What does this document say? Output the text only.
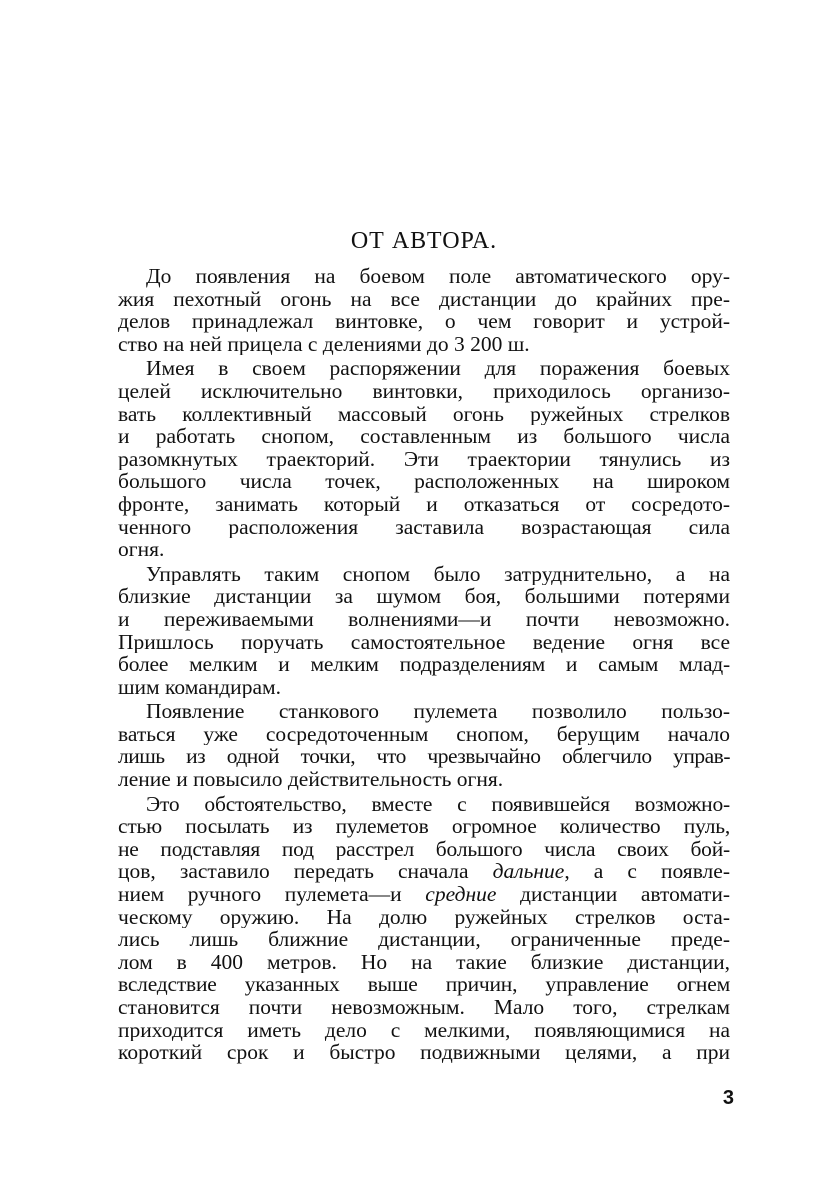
ОТ АВТОРА.

До появления на боевом поле автоматического ору-
жия пехотный огонь на все дистанции до крайних пре-
делов принадлежал винтовке, о чем говорит и устрой-
ство на ней прицела с делениями до 3 200 ш.

Имея в своем распоряжении для поражения боевых
целей исключительно винтовки, приходилось организо-
вать коллективный массовый огонь ружейных стрелков
и работать снопом, составленным из большого числа
разомкнутых траекторий. Эти траектории тянулись из
большого числа точек, расположенных на широком
фронте, занимать который и отказаться от сосредото-
ченного расположения заставила возрастающая сила
огня.

Управлять таким снопом было затруднительно, а на
близкие дистанции за шумом боя, большими потерями
и переживаемыми волнениями—и почти невозможно.
Пришлось поручать самостоятельное ведение огня все
более мелким и мелким подразделениям и самым млад-
шим командирам.

Появление станкового пулемета позволило пользо-
ваться уже сосредоточенным снопом, берущим начало
лишь из одной точки, что чрезвычайно облегчило управ-
ление и повысило действительность огня.

Это обстоятельство, вместе с появившейся возможно-
стью посылать из пулеметов огромное количество пуль,
не подставляя под расстрел большого числа своих бой-
цов, заставило передать сначала дальние, а с появле-
нием ручного пулемета—и средние дистанции автомати-
ческому оружию. На долю ружейных стрелков оста-
лись лишь ближние дистанции, ограниченные преде-
лом в 400 метров. Но на такие близкие дистанции,
вследствие указанных выше причин, управление огнем
становится почти невозможным. Мало того, стрелкам
приходится иметь дело с мелкими, появляющимися на
короткий срок и быстро подвижными целями, а при

3
